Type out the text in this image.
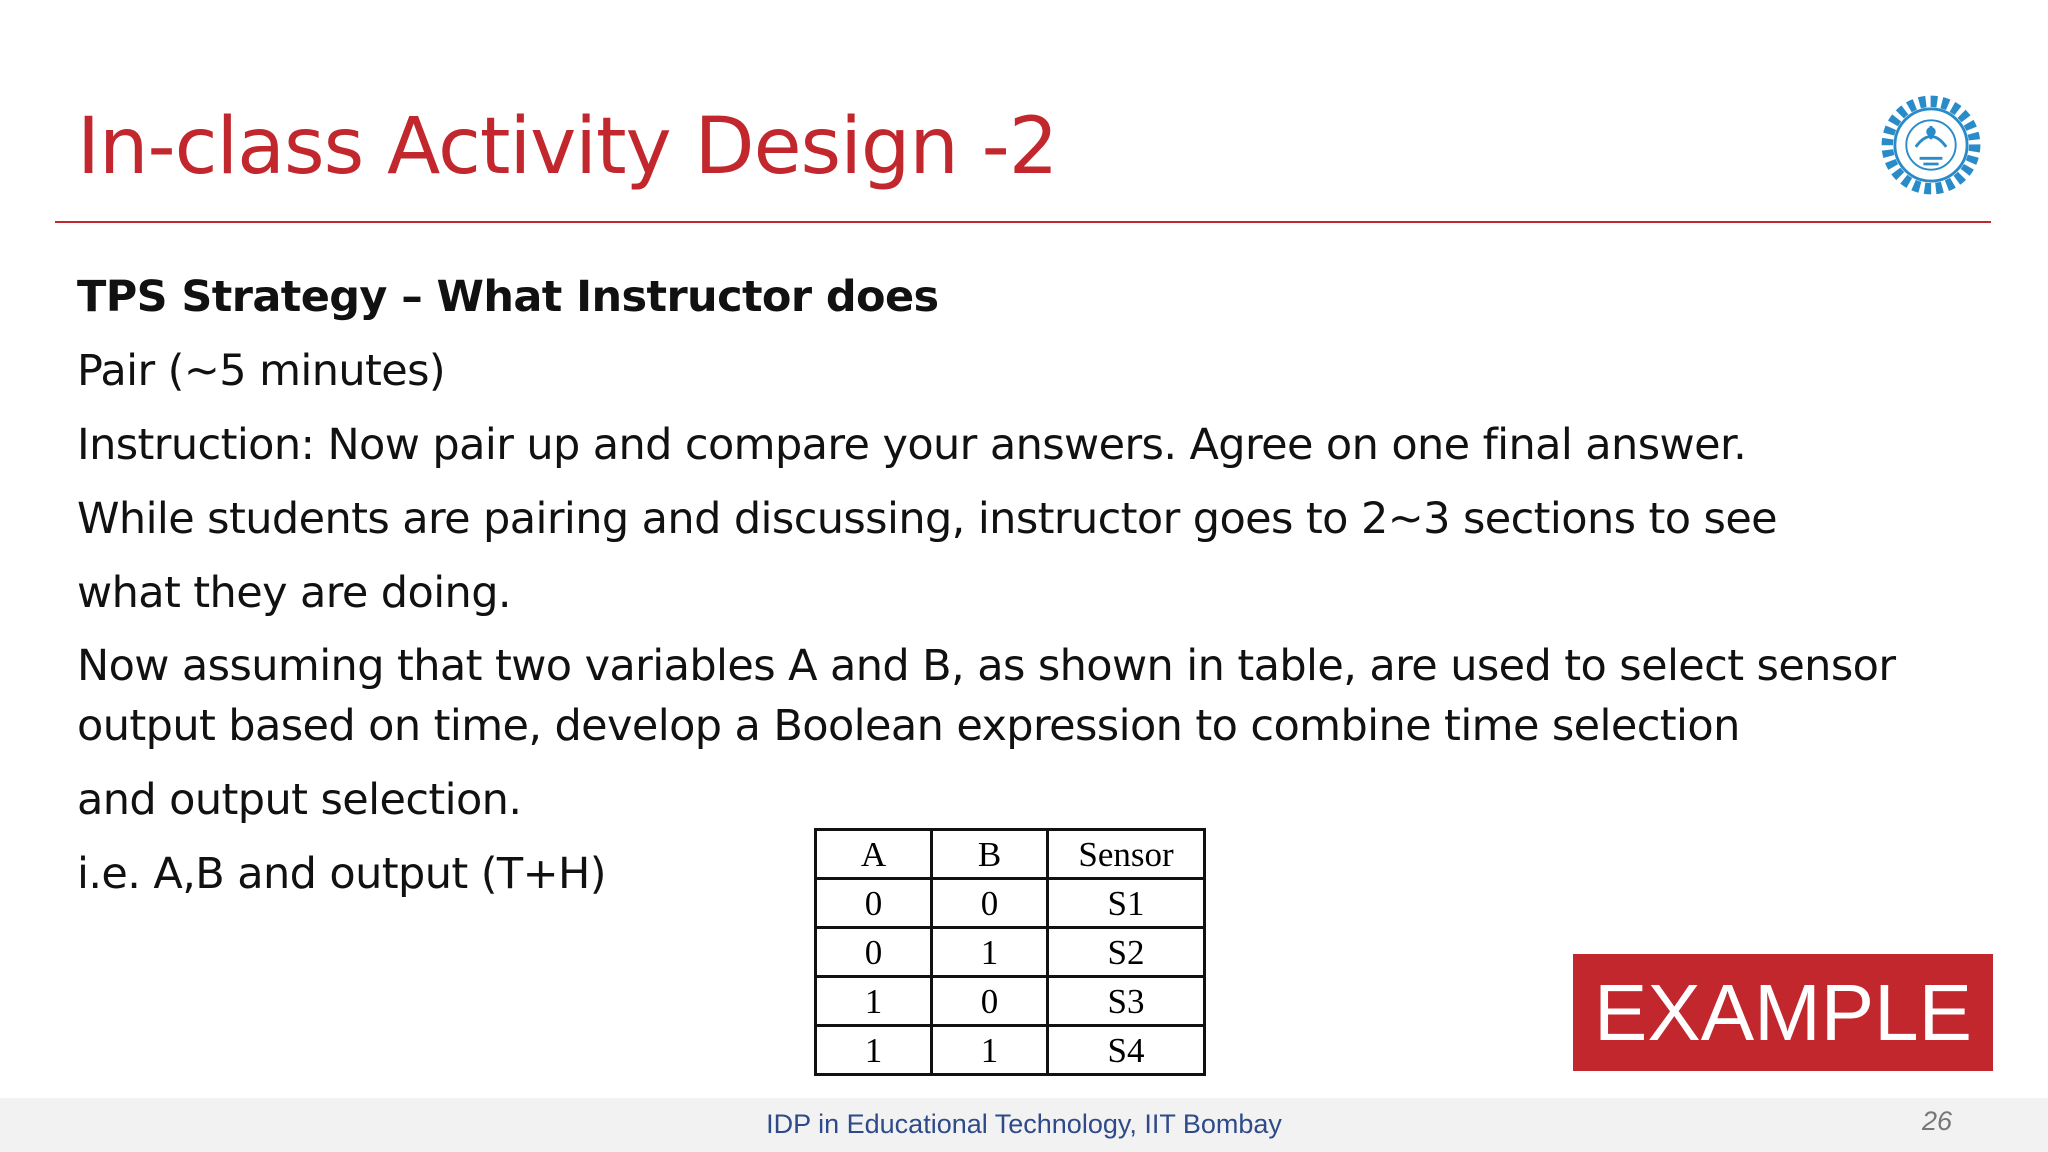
In-class Activity Design -2

TPS Strategy – What Instructor does

Pair (~5 minutes)

Instruction: Now pair up and compare your answers. Agree on one final answer.

While students are pairing and discussing, instructor goes to 2~3 sections to see

what they are doing.

Now assuming that two variables A and B, as shown in table, are used to select sensor

output based on time, develop a Boolean expression to combine time selection

and output selection.

i.e. A,B and output (T+H)	A	B	Sensor
0	0	S1
0	1	S2
1	0	S3
1	1	S4	EXAMPLE
IDP in Educational Technology, IIT Bombay	26
